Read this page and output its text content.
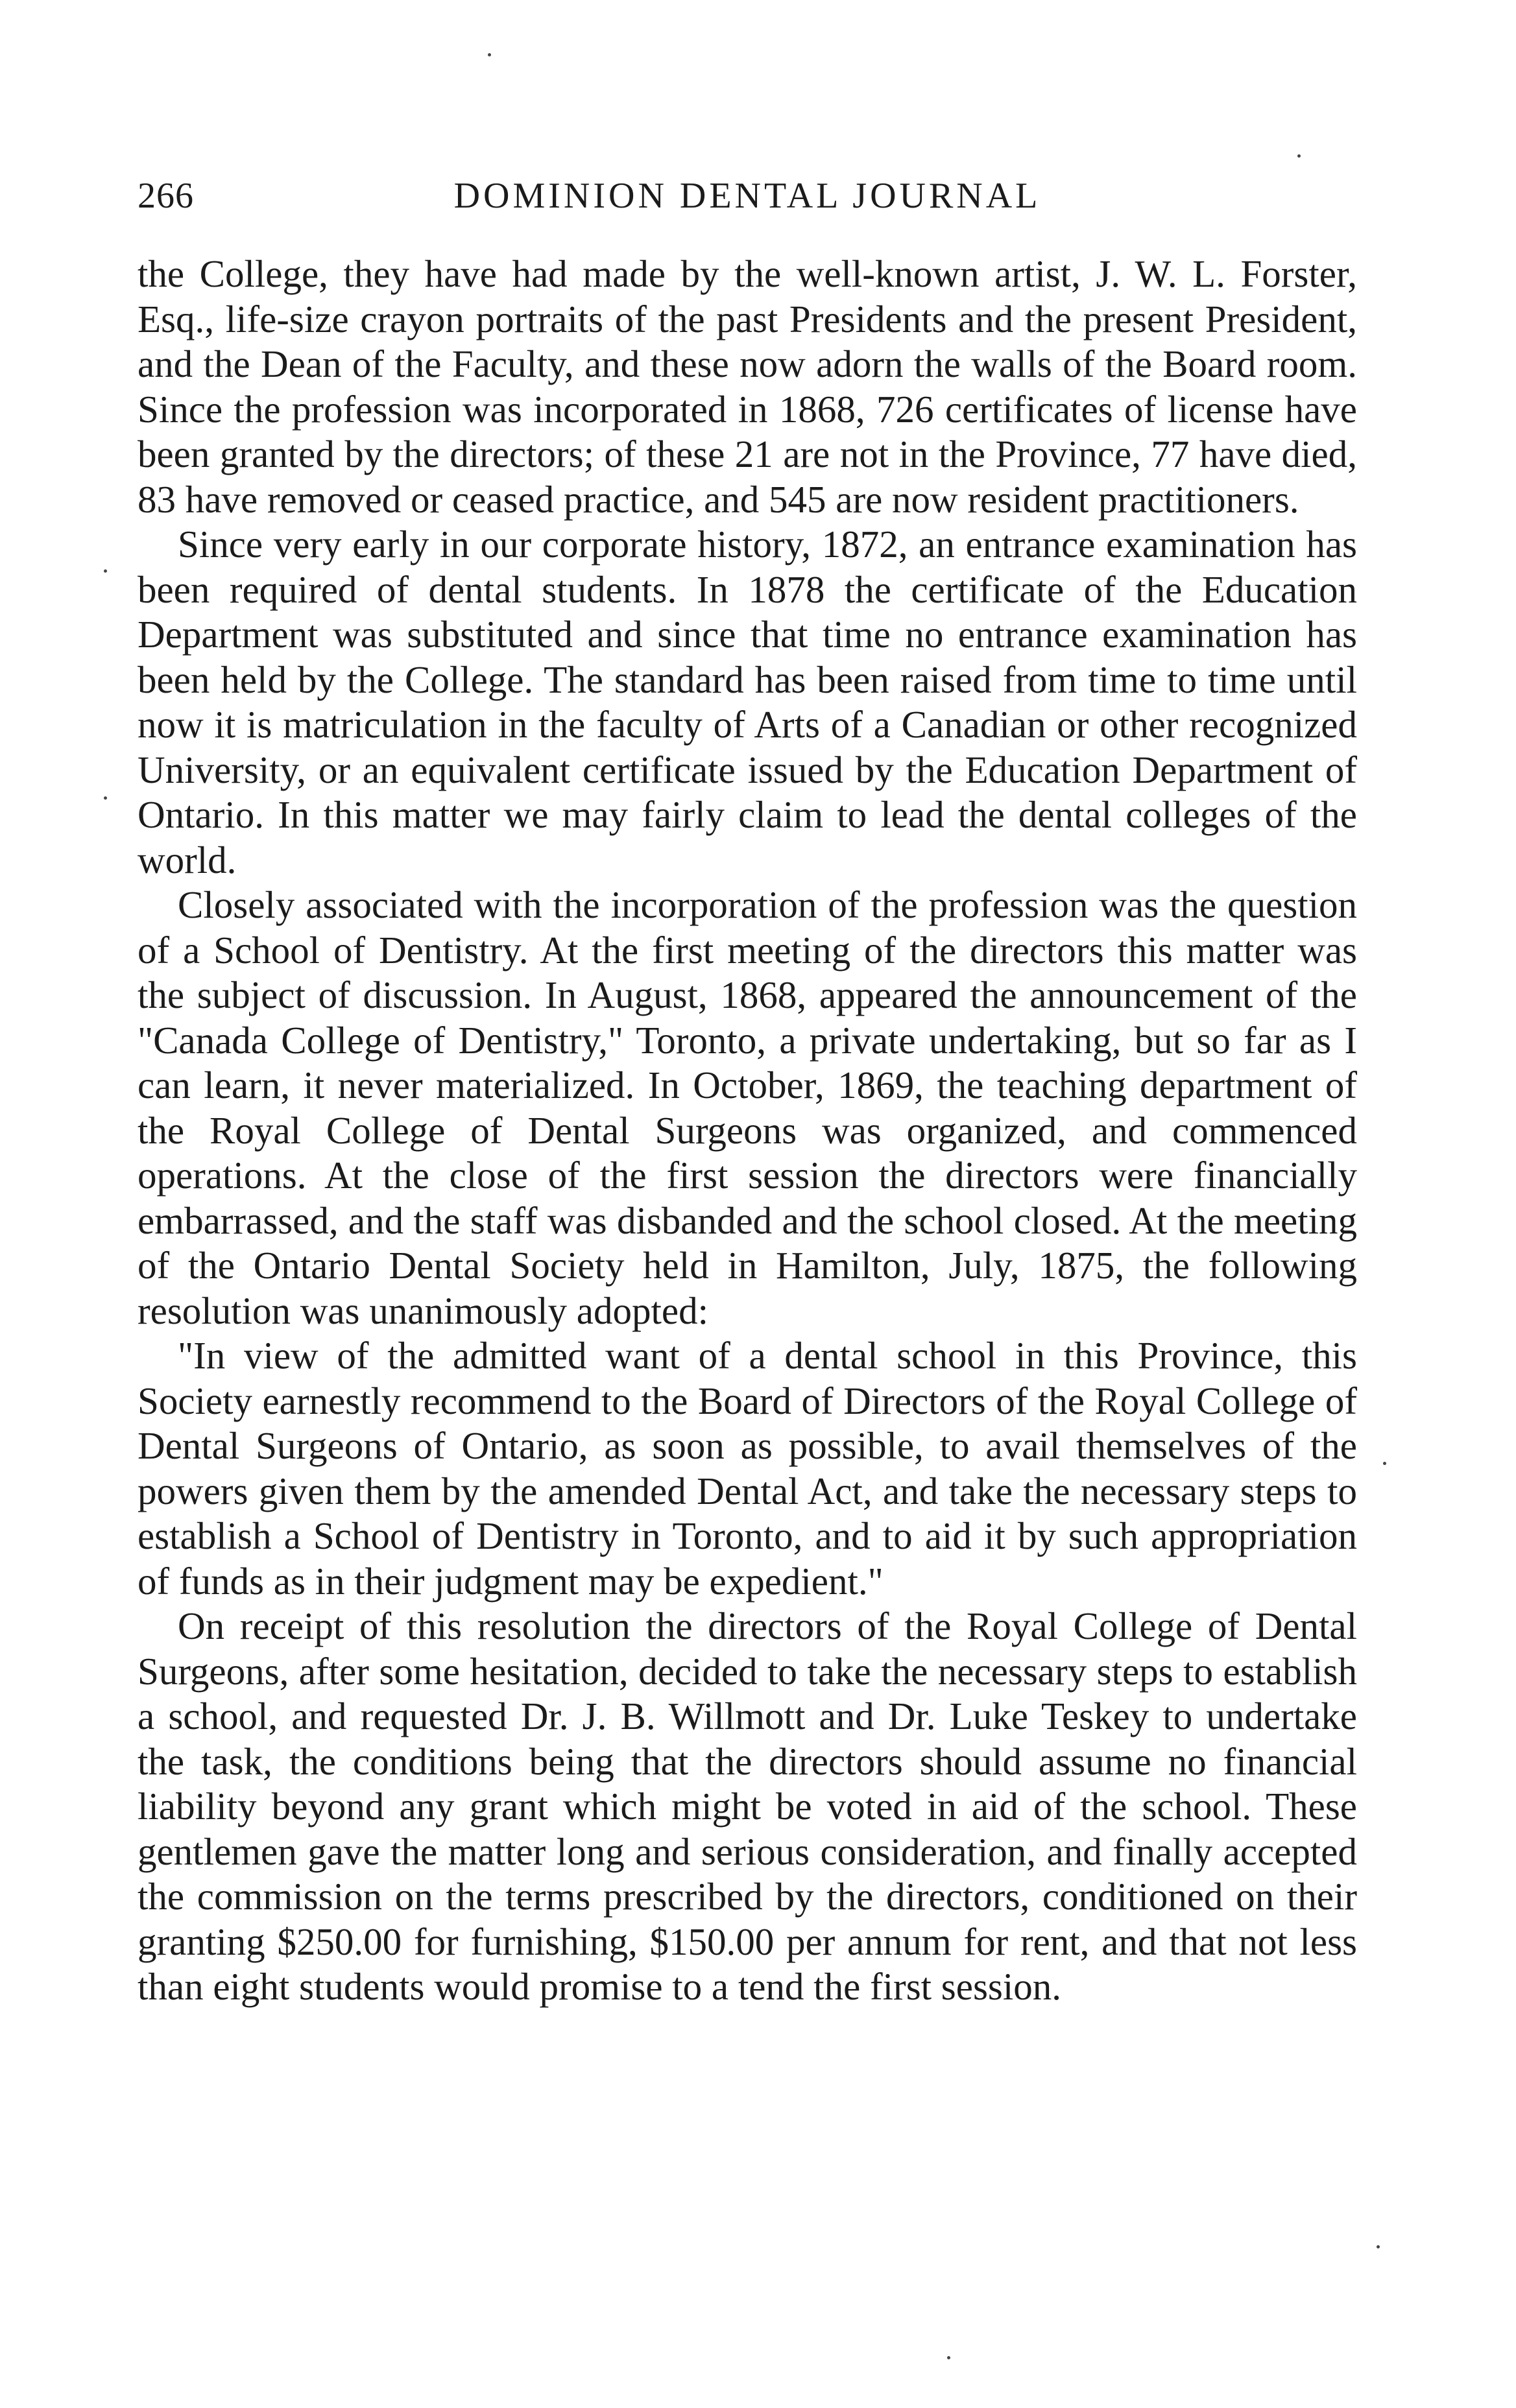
266	DOMINION DENTAL JOURNAL

the College, they have had made by the well-known artist, J. W. L. Forster, Esq., life-size crayon portraits of the past Presidents and the present President, and the Dean of the Faculty, and these now adorn the walls of the Board room. Since the profession was incorporated in 1868, 726 certificates of license have been granted by the directors; of these 21 are not in the Province, 77 have died, 83 have removed or ceased practice, and 545 are now resident practitioners.

Since very early in our corporate history, 1872, an entrance examination has been required of dental students. In 1878 the certificate of the Education Department was substituted and since that time no entrance examination has been held by the College. The standard has been raised from time to time until now it is matriculation in the faculty of Arts of a Canadian or other recognized University, or an equivalent certificate issued by the Education Department of Ontario. In this matter we may fairly claim to lead the dental colleges of the world.

Closely associated with the incorporation of the profession was the question of a School of Dentistry. At the first meeting of the directors this matter was the subject of discussion. In August, 1868, appeared the announcement of the "Canada College of Dentistry," Toronto, a private undertaking, but so far as I can learn, it never materialized. In October, 1869, the teaching department of the Royal College of Dental Surgeons was organized, and commenced operations. At the close of the first session the directors were financially embarrassed, and the staff was disbanded and the school closed. At the meeting of the Ontario Dental Society held in Hamilton, July, 1875, the following resolution was unanimously adopted:

"In view of the admitted want of a dental school in this Province, this Society earnestly recommend to the Board of Directors of the Royal College of Dental Surgeons of Ontario, as soon as possible, to avail themselves of the powers given them by the amended Dental Act, and take the necessary steps to establish a School of Dentistry in Toronto, and to aid it by such appropriation of funds as in their judgment may be expedient."

On receipt of this resolution the directors of the Royal College of Dental Surgeons, after some hesitation, decided to take the necessary steps to establish a school, and requested Dr. J. B. Willmott and Dr. Luke Teskey to undertake the task, the conditions being that the directors should assume no financial liability beyond any grant which might be voted in aid of the school. These gentlemen gave the matter long and serious consideration, and finally accepted the commission on the terms prescribed by the directors, conditioned on their granting $250.00 for furnishing, $150.00 per annum for rent, and that not less than eight students would promise to a tend the first session.
